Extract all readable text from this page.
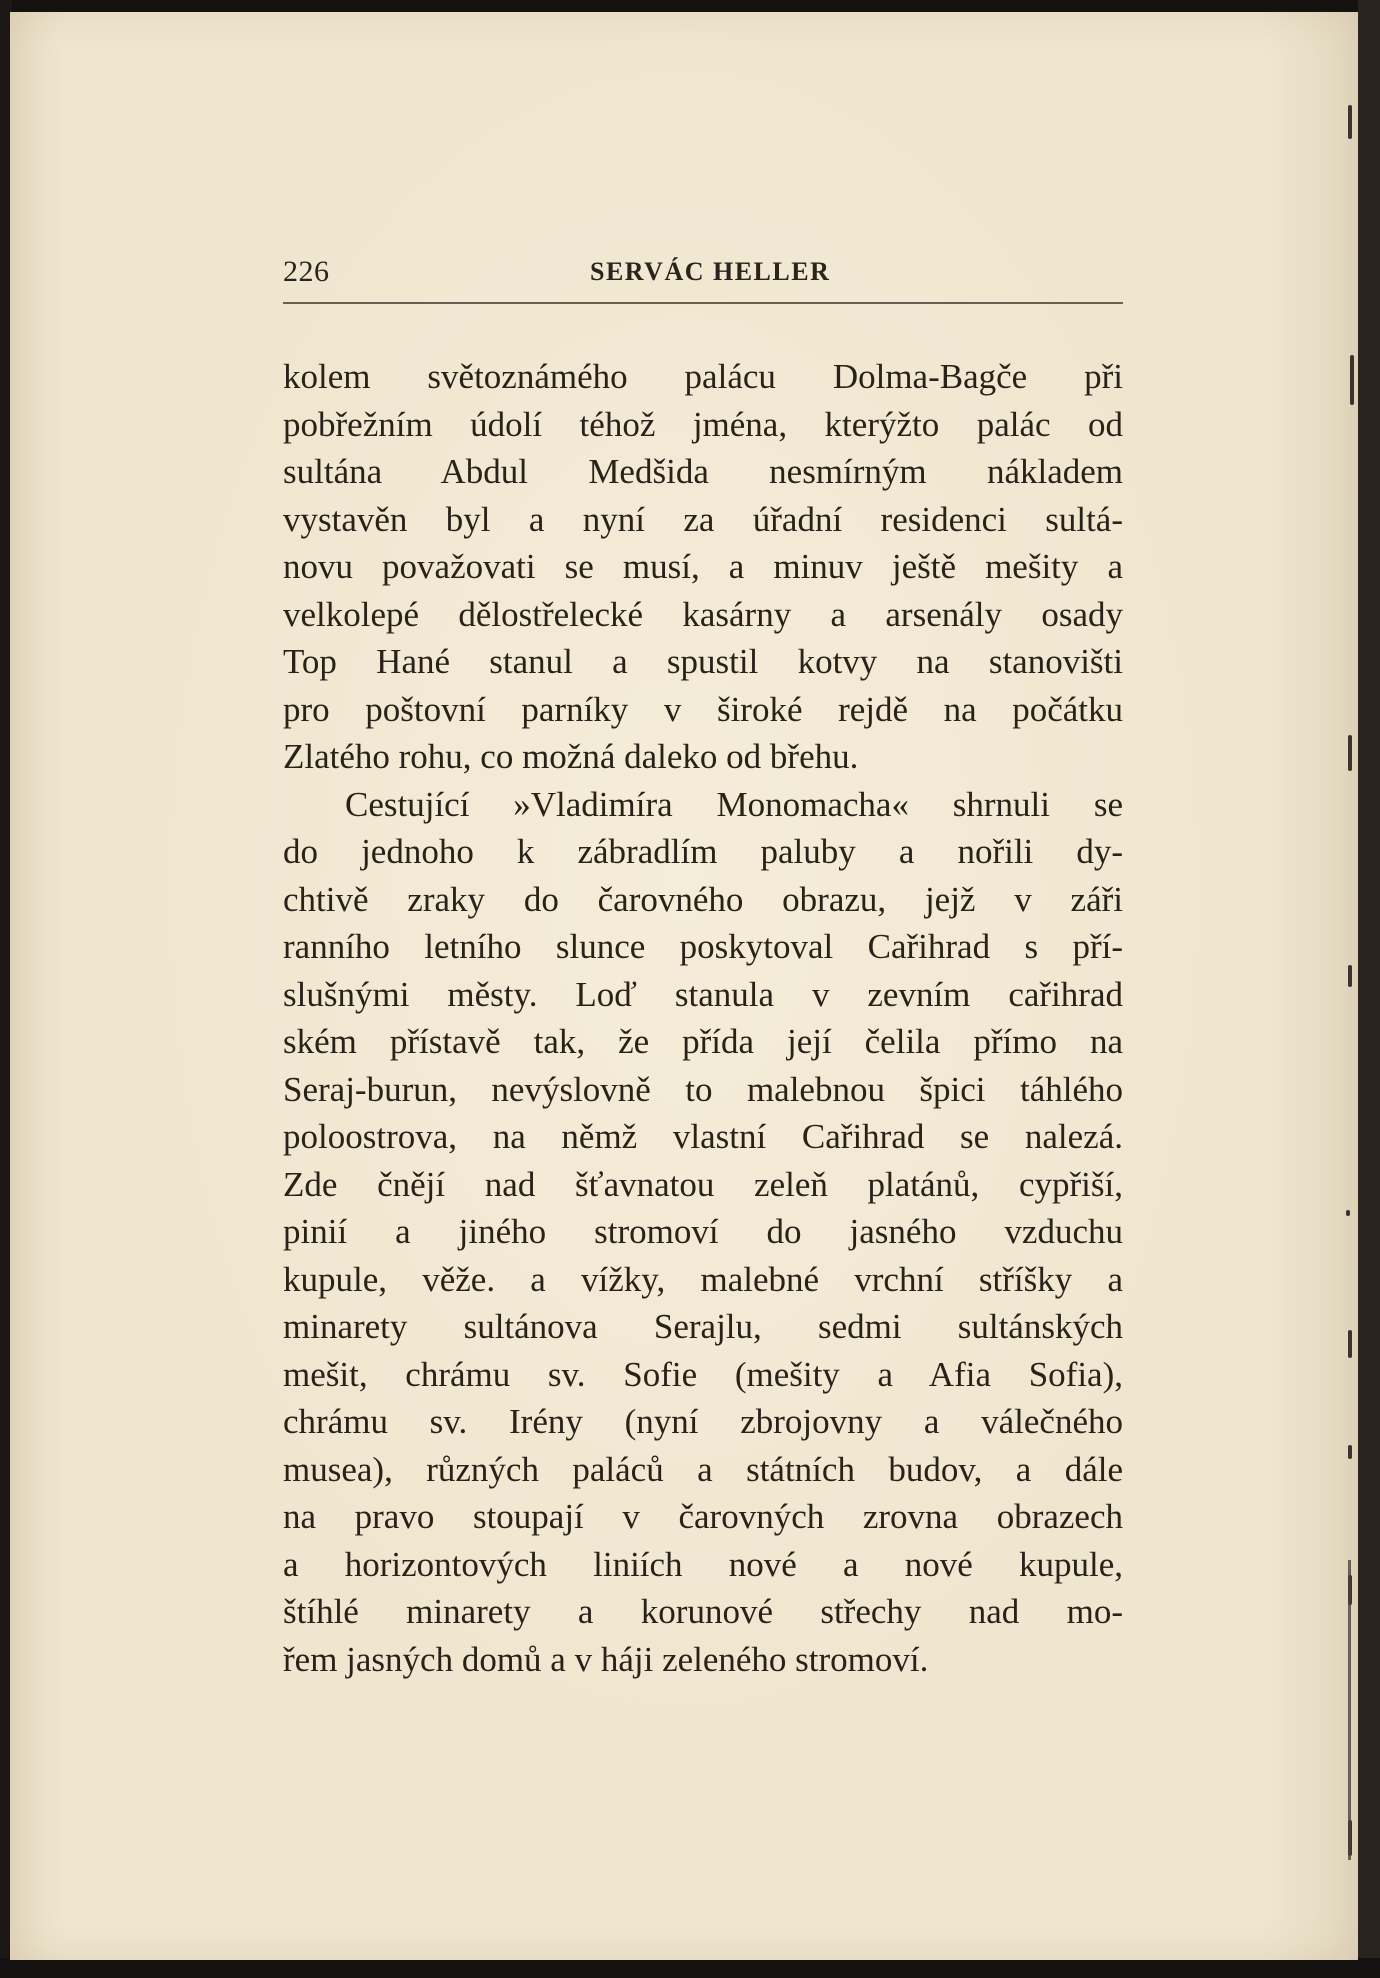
226	SERVÁC HELLER
kolem světoznámého palácu Dolma-Bagče při
pobřežním údolí téhož jména, kterýžto palác od
sultána Abdul Medšida nesmírným nákladem
vystavěn byl a nyní za úřadní residenci sultá-
novu považovati se musí, a minuv ještě mešity a
velkolepé dělostřelecké kasárny a arsenály osady
Top Hané stanul a spustil kotvy na stanovišti
pro poštovní parníky v široké rejdě na počátku
Zlatého rohu, co možná daleko od břehu.
Cestující »Vladimíra Monomacha« shrnuli se
do jednoho k zábradlím paluby a nořili dy-
chtivě zraky do čarovného obrazu, jejž v záři
ranního letního slunce poskytoval Cařihrad s pří-
slušnými městy. Loď stanula v zevním cařihrad
ském přístavě tak, že přída její čelila přímo na
Seraj-burun, nevýslovně to malebnou špici táhlého
poloostrova, na němž vlastní Cařihrad se nalezá.
Zde čnějí nad šťavnatou zeleň platánů, cypřiší,
pinií a jiného stromoví do jasného vzduchu
kupule, věže. a vížky, malebné vrchní stříšky a
minarety sultánova Serajlu, sedmi sultánských
mešit, chrámu sv. Sofie (mešity a Afia Sofia),
chrámu sv. Irény (nyní zbrojovny a válečného
musea), různých paláců a státních budov, a dále
na pravo stoupají v čarovných zrovna obrazech
a horizontových liniích nové a nové kupule,
štíhlé minarety a korunové střechy nad mo-
řem jasných domů a v háji zeleného stromoví.
